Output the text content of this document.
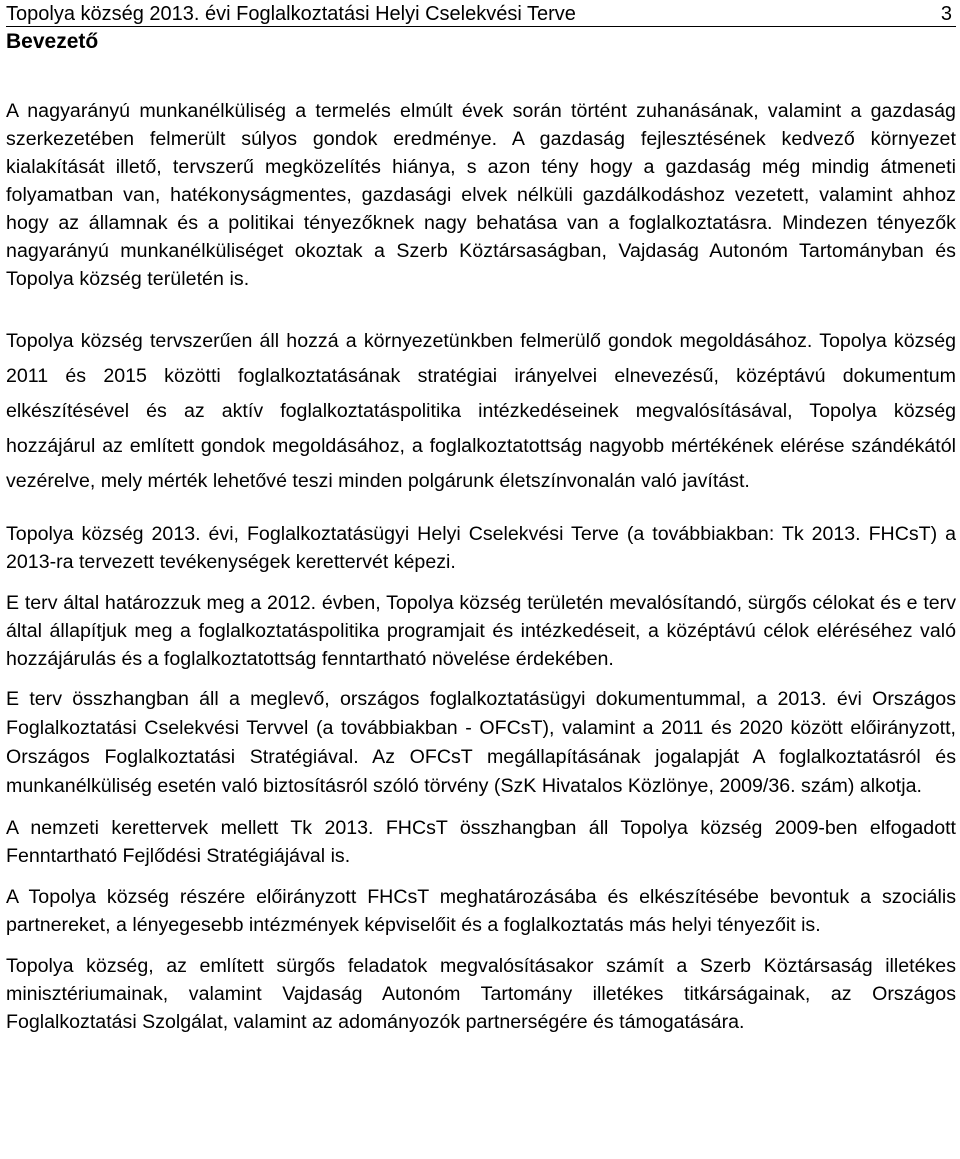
Topolya község 2013. évi Foglalkoztatási Helyi Cselekvési Terve	3
Bevezető

A nagyarányú munkanélküliség a termelés elmúlt évek során történt zuhanásának, valamint a gazdaság szerkezetében felmerült súlyos gondok eredménye. A gazdaság fejlesztésének kedvező környezet kialakítását illető, tervszerű megközelítés hiánya, s azon tény hogy a gazdaság még mindig átmeneti folyamatban van, hatékonyságmentes, gazdasági elvek nélküli gazdálkodáshoz vezetett, valamint ahhoz hogy az államnak és a politikai tényezőknek nagy behatása van a foglalkoztatásra. Mindezen tényezők nagyarányú munkanélküliséget okoztak a Szerb Köztársaságban, Vajdaság Autonóm Tartományban és Topolya község területén is.

Topolya község tervszerűen áll hozzá a környezetünkben felmerülő gondok megoldásához. Topolya község 2011 és 2015 közötti foglalkoztatásának stratégiai irányelvei elnevezésű, középtávú dokumentum elkészítésével és az aktív foglalkoztatáspolitika intézkedéseinek megvalósításával, Topolya község hozzájárul az említett gondok megoldásához, a foglalkoztatottság nagyobb mértékének elérése szándékától vezérelve, mely mérték lehetővé teszi minden polgárunk életszínvonalán való javítást.

Topolya község 2013. évi, Foglalkoztatásügyi Helyi Cselekvési Terve (a továbbiakban: Tk 2013. FHCsT) a 2013-ra tervezett tevékenységek kerettervét képezi.

E terv által határozzuk meg a 2012. évben, Topolya község területén mevalósítandó, sürgős célokat és e terv által állapítjuk meg a foglalkoztatáspolitika programjait és intézkedéseit, a középtávú célok eléréséhez való hozzájárulás és a foglalkoztatottság fenntartható növelése érdekében.

E terv összhangban áll a meglevő, országos foglalkoztatásügyi dokumentummal, a 2013. évi Országos Foglalkoztatási Cselekvési Tervvel (a továbbiakban - OFCsT), valamint a 2011 és 2020 között előirányzott, Országos Foglalkoztatási Stratégiával. Az OFCsT megállapításának jogalapját A foglalkoztatásról és munkanélküliség esetén való biztosításról szóló törvény (SzK Hivatalos Közlönye, 2009/36. szám) alkotja.

A nemzeti kerettervek mellett Tk 2013. FHCsT összhangban áll Topolya község 2009-ben elfogadott Fenntartható Fejlődési Stratégiájával is.

A Topolya község részére előirányzott FHCsT meghatározásába és elkészítésébe bevontuk a szociális partnereket, a lényegesebb intézmények képviselőit és a foglalkoztatás más helyi tényezőit is.

Topolya község, az említett sürgős feladatok megvalósításakor számít a Szerb Köztársaság illetékes minisztériumainak, valamint Vajdaság Autonóm Tartomány illetékes titkárságainak, az Országos Foglalkoztatási Szolgálat, valamint az adományozók partnerségére és támogatására.
